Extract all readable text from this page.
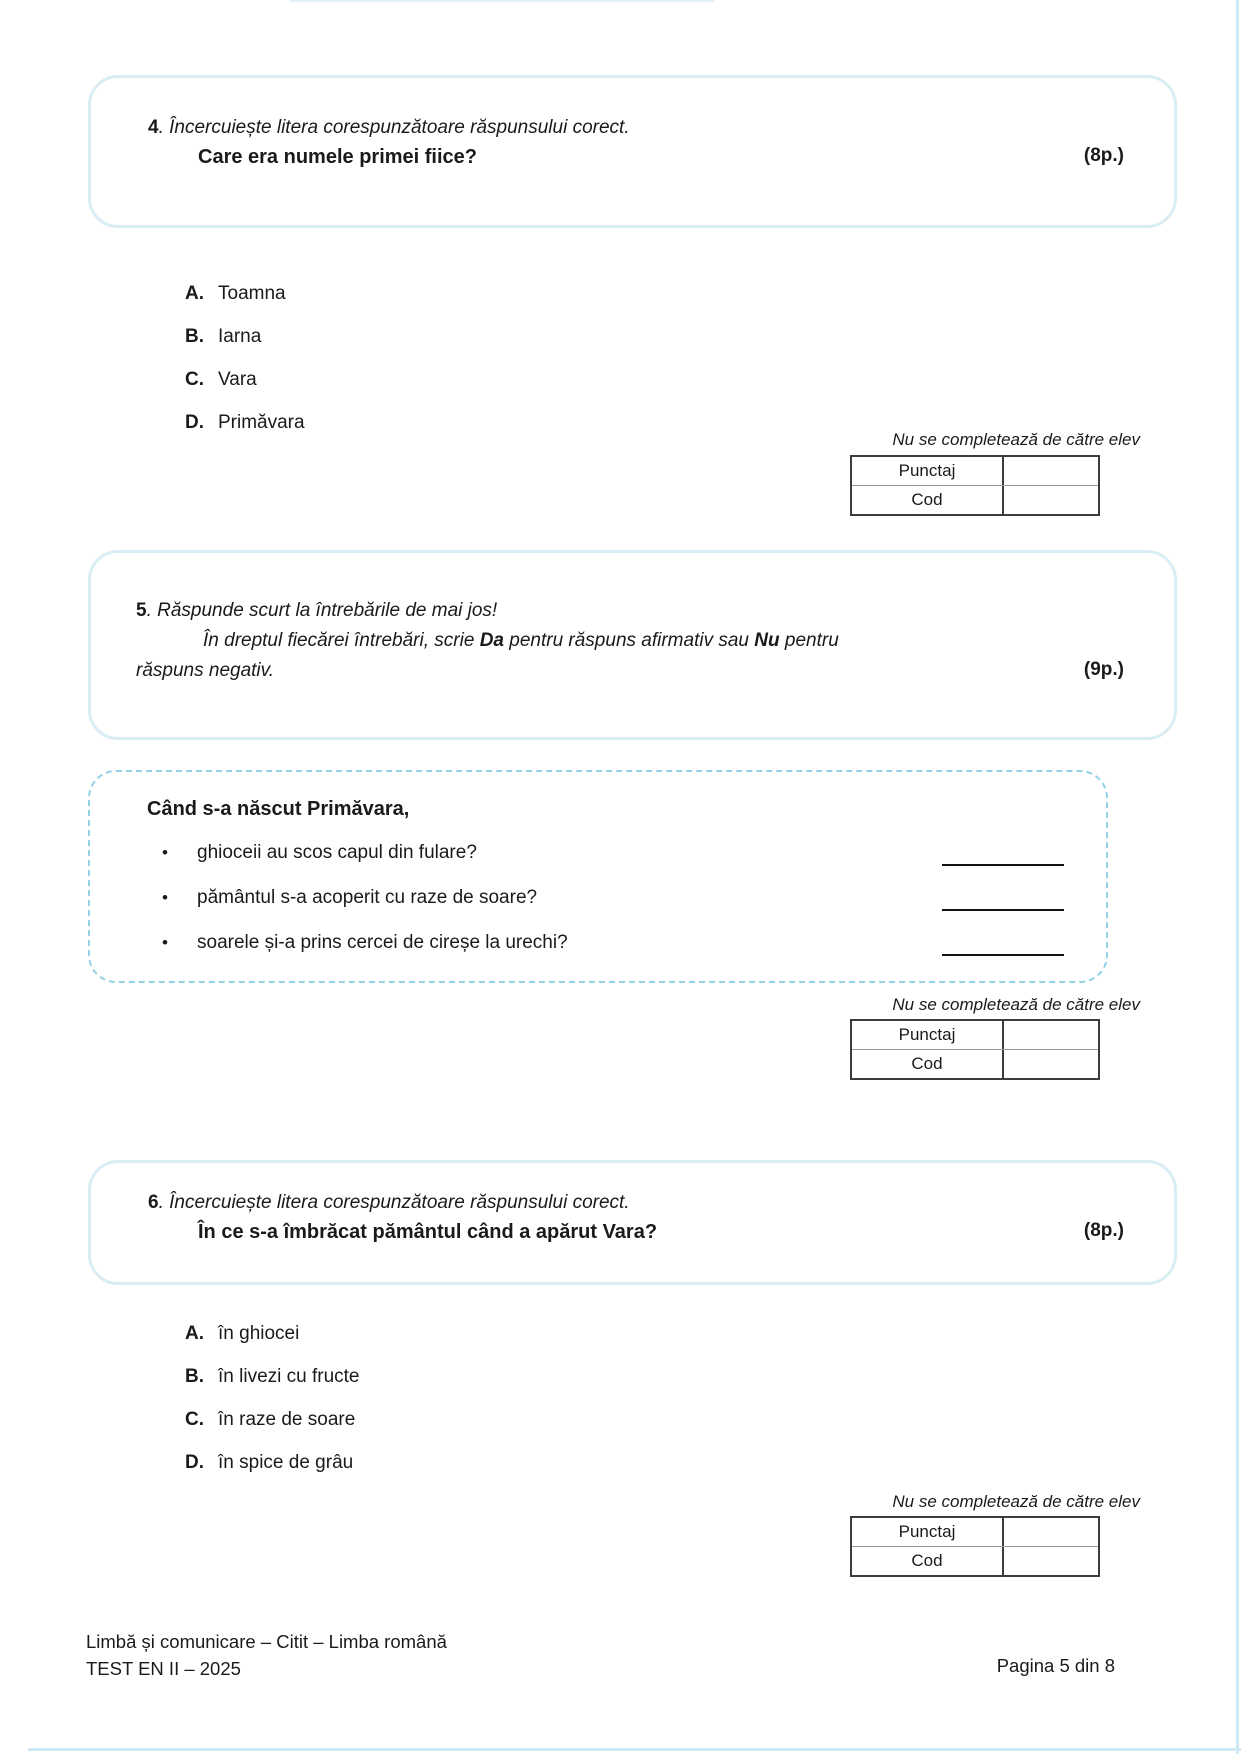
4. Încercuiește litera corespunzătoare răspunsului corect.
Care era numele primei fiice?	(8p.)
A. Toamna
B. Iarna
C. Vara
D. Primăvara
Nu se completează de către elev
Punctaj
Cod
5. Răspunde scurt la întrebările de mai jos!
În dreptul fiecărei întrebări, scrie Da pentru răspuns afirmativ sau Nu pentru
răspuns negativ.	(9p.)
Când s-a născut Primăvara,
• ghioceii au scos capul din fulare?
• pământul s-a acoperit cu raze de soare?
• soarele și-a prins cercei de cireșe la urechi?
Nu se completează de către elev
Punctaj
Cod
6. Încercuiește litera corespunzătoare răspunsului corect.
În ce s-a îmbrăcat pământul când a apărut Vara?	(8p.)
A. în ghiocei
B. în livezi cu fructe
C. în raze de soare
D. în spice de grâu
Nu se completează de către elev
Punctaj
Cod
Limbă și comunicare – Citit – Limba română
TEST EN II – 2025	Pagina 5 din 8
